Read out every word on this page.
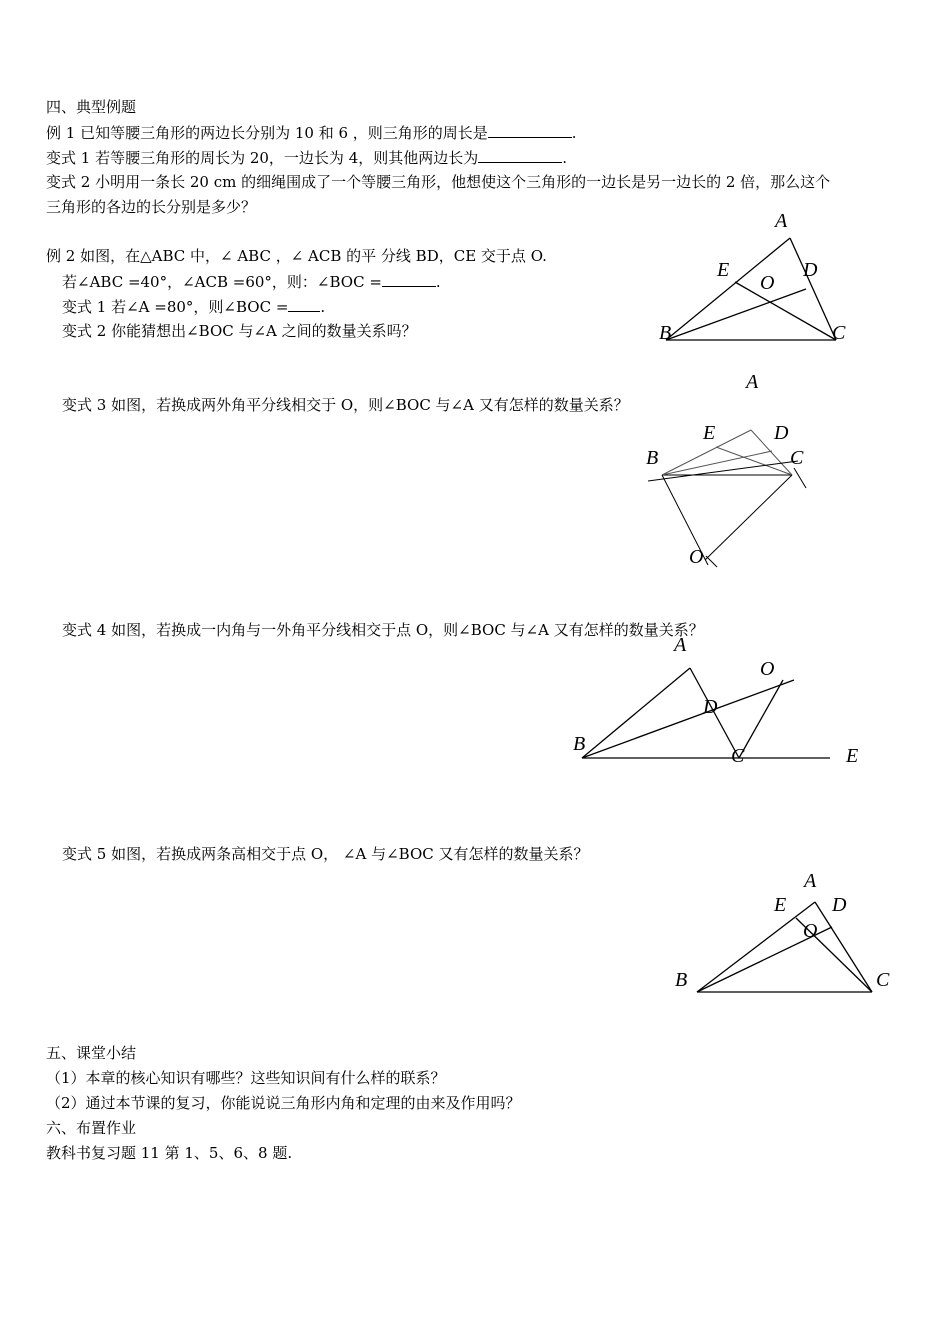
四、典型例题
例 1 已知等腰三角形的两边长分别为 10 和 6 ，则三角形的周长是	.
变式 1 若等腰三角形的周长为 20，一边长为 4，则其他两边长为	.
变式 2 小明用一条长 20 cm 的细绳围成了一个等腰三角形，他想使这个三角形的一边长是另一边长的 2 倍，那么这个
三角形的各边的长分别是多少？
例 2 如图，在△ABC 中，∠ ABC ，∠ ACB 的平 分线 BD，CE 交于点 O.
若∠ABC =40°，∠ACB =60°，则：∠BOC =	.
变式 1 若∠A =80°，则∠BOC = .
变式 2 你能猜想出∠BOC 与∠A 之间的数量关系吗？
变式 3 如图，若换成两外角平分线相交于 O，则∠BOC 与∠A 又有怎样的数量关系？
变式 4 如图，若换成一内角与一外角平分线相交于点 O，则∠BOC 与∠A 又有怎样的数量关系？
变式 5 如图，若换成两条高相交于点 O， ∠A 与∠BOC 又有怎样的数量关系？
五、课堂小结
（1）本章的核心知识有哪些？这些知识间有什么样的联系？
（2）通过本节课的复习，你能说说三角形内角和定理的由来及作用吗？
六、布置作业
教科书复习题 11 第 1、5、6、8 题.
A
E	D
O
B	C
A
E	D
B	C
O
A
O
D
B
C	E
A
E D
O
B	C
